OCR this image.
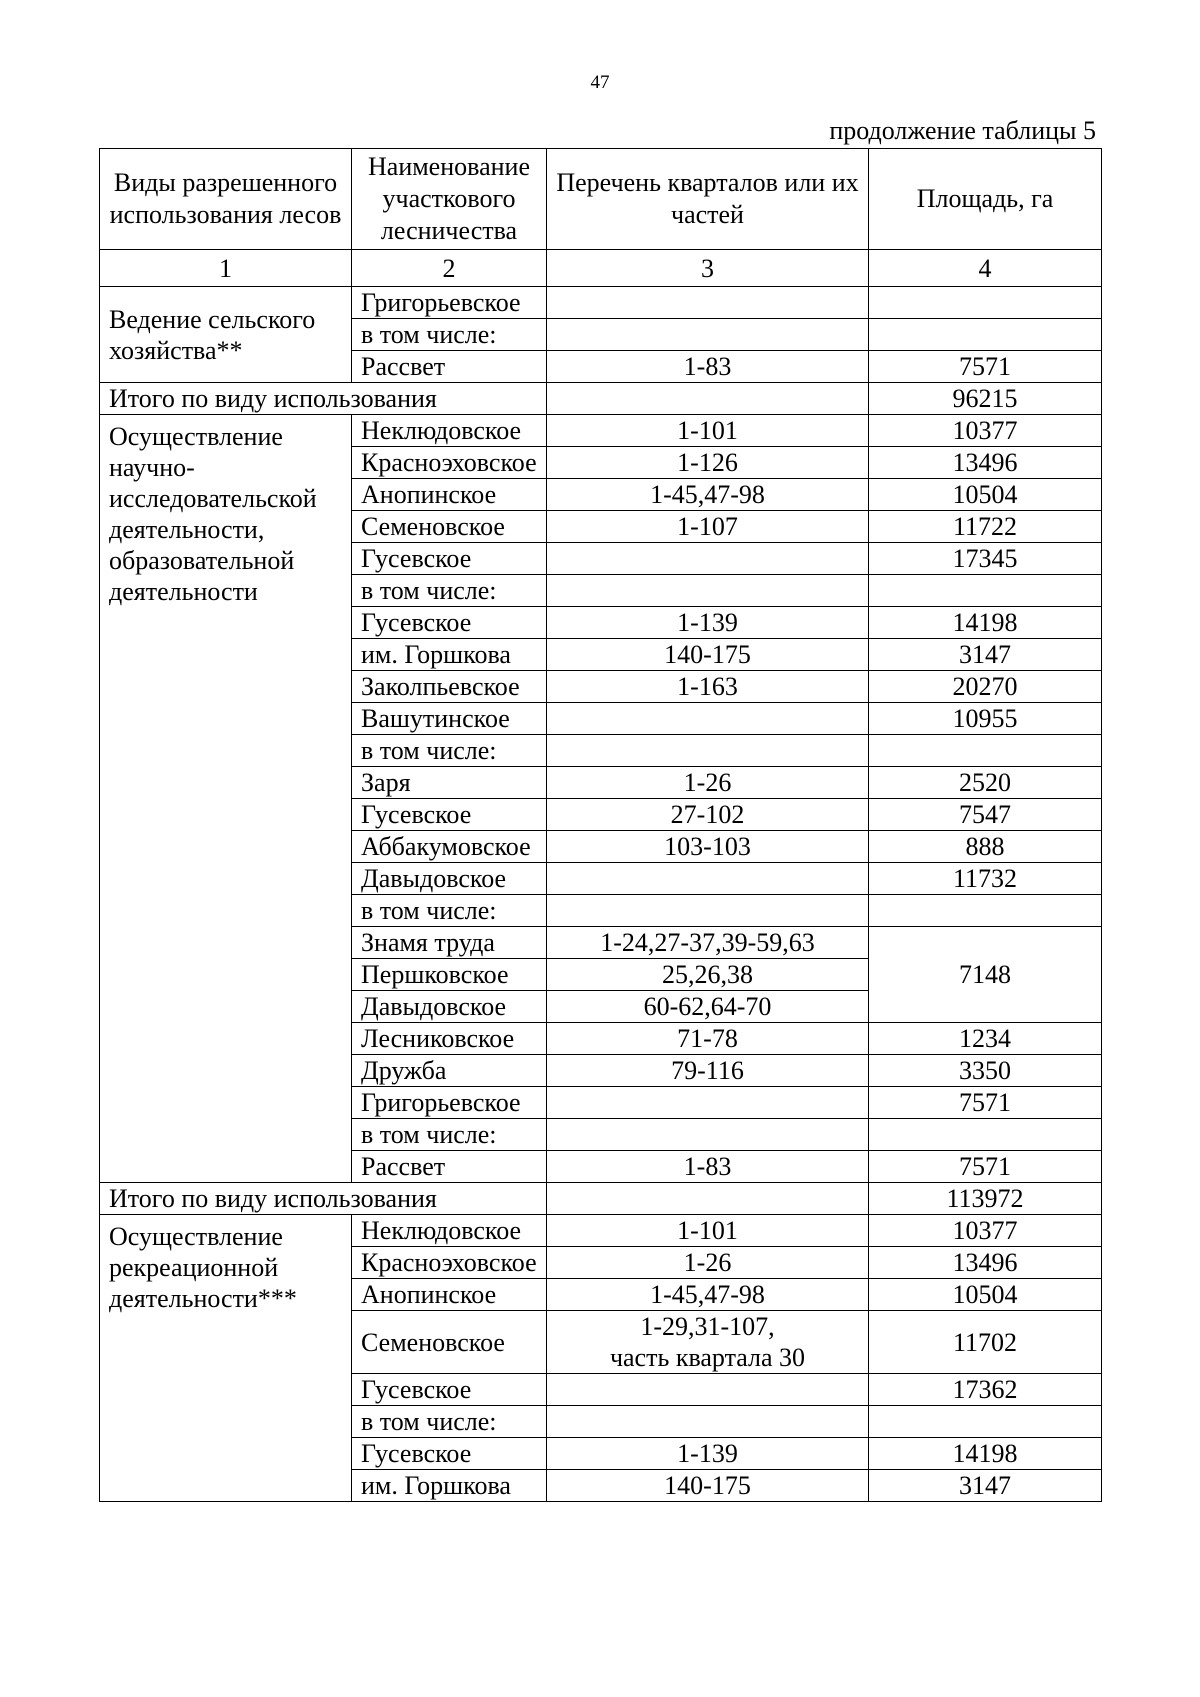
47
продолжение таблицы 5
Виды разрешенного использования лесов	Наименование участкового лесничества	Перечень кварталов или их частей	Площадь, га
1	2	3	4
Ведение сельского хозяйства**	Григорьевское		
	в том числе:		
	Рассвет	1-83	7571
Итого по виду использования			96215
Осуществление научно-исследовательской деятельности, образовательной деятельности	Неклюдовское	1-101	10377
	Красноэховское	1-126	13496
	Анопинское	1-45,47-98	10504
	Семеновское	1-107	11722
	Гусевское		17345
	в том числе:		
	Гусевское	1-139	14198
	им. Горшкова	140-175	3147
	Заколпьевское	1-163	20270
	Вашутинское		10955
	в том числе:		
	Заря	1-26	2520
	Гусевское	27-102	7547
	Аббакумовское	103-103	888
	Давыдовское		11732
	в том числе:		
	Знамя труда	1-24,27-37,39-59,63	7148
	Першковское	25,26,38	
	Давыдовское	60-62,64-70	
	Лесниковское	71-78	1234
	Дружба	79-116	3350
	Григорьевское		7571
	в том числе:		
	Рассвет	1-83	7571
Итого по виду использования			113972
Осуществление рекреационной деятельности***	Неклюдовское	1-101	10377
	Красноэховское	1-26	13496
	Анопинское	1-45,47-98	10504
	Семеновское	1-29,31-107,
часть квартала 30	11702
	Гусевское		17362
	в том числе:		
	Гусевское	1-139	14198
	им. Горшкова	140-175	3147
